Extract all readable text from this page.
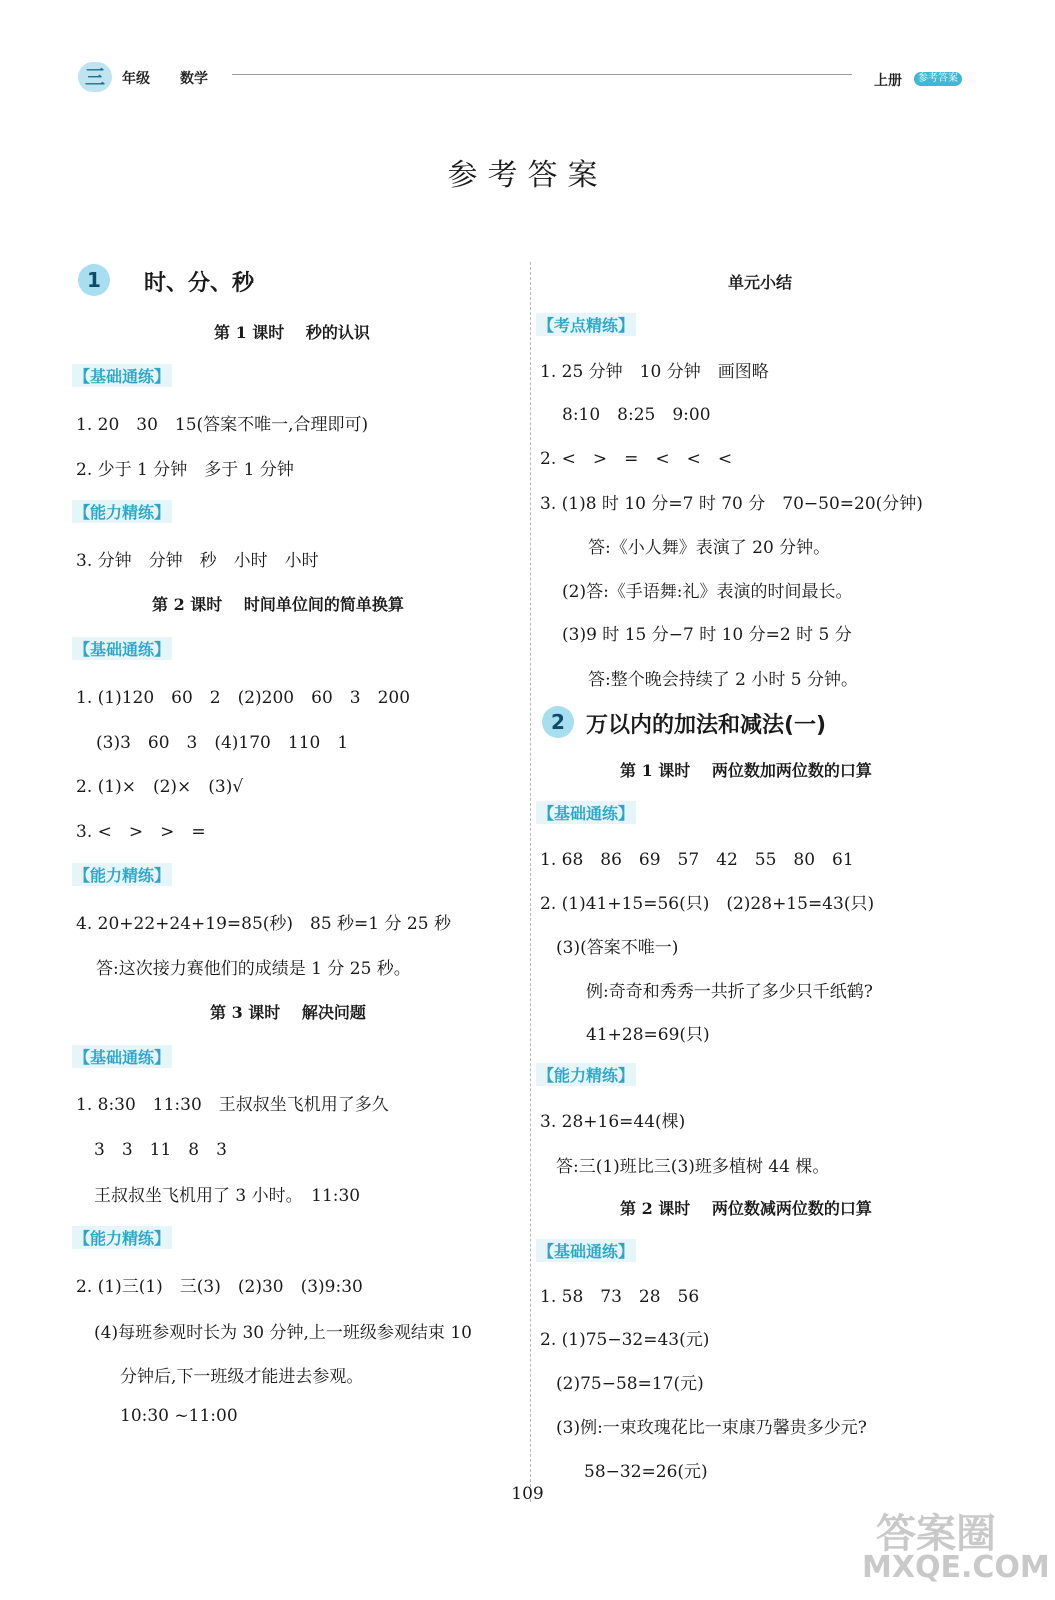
三	年级 数学	上册	参考答案
参考答案
1	时、分、秒
第 1 课时　 秒的认识
【基础通练】
1. 20　30　15(答案不唯一,合理即可)
2. 少于 1 分钟　多于 1 分钟
【能力精练】
3. 分钟　分钟　秒　小时　小时
第 2 课时　 时间单位间的简单换算
【基础通练】
1. (1)120　60　2　(2)200　60　3　200
(3)3　60　3　(4)170　110　1
2. (1)×　(2)×　(3)√
3. <　>　>　=
【能力精练】
4. 20+22+24+19=85(秒)　85 秒=1 分 25 秒
答:这次接力赛他们的成绩是 1 分 25 秒。
第 3 课时　 解决问题
【基础通练】
1. 8:30　11:30　王叔叔坐飞机用了多久
3　3　11　8　3
王叔叔坐飞机用了 3 小时。　11:30
【能力精练】
2. (1)三(1)　三(3)　(2)30　(3)9:30
(4)每班参观时长为 30 分钟,上一班级参观结束 10
分钟后,下一班级才能进去参观。
10:30 ~11:00
单元小结
【考点精练】
1. 25 分钟　10 分钟　画图略
8:10　8:25　9:00
2. <　>　=　<　<　<
3. (1)8 时 10 分=7 时 70 分　70−50=20(分钟)
答:《小人舞》表演了 20 分钟。
(2)答:《手语舞:礼》表演的时间最长。
(3)9 时 15 分−7 时 10 分=2 时 5 分
答:整个晚会持续了 2 小时 5 分钟。
2 万以内的加法和减法(一)
第 1 课时　 两位数加两位数的口算
【基础通练】
1. 68　86　69　57　42　55　80　61
2. (1)41+15=56(只)　(2)28+15=43(只)
(3)(答案不唯一)
例:奇奇和秀秀一共折了多少只千纸鹤?
41+28=69(只)
【能力精练】
3. 28+16=44(棵)
答:三(1)班比三(3)班多植树 44 棵。
第 2 课时　 两位数减两位数的口算
【基础通练】
1. 58　73　28　56
2. (1)75−32=43(元)
(2)75−58=17(元)
(3)例:一束玫瑰花比一束康乃馨贵多少元?
58−32=26(元)
109
答案圈
MXQE.COM
